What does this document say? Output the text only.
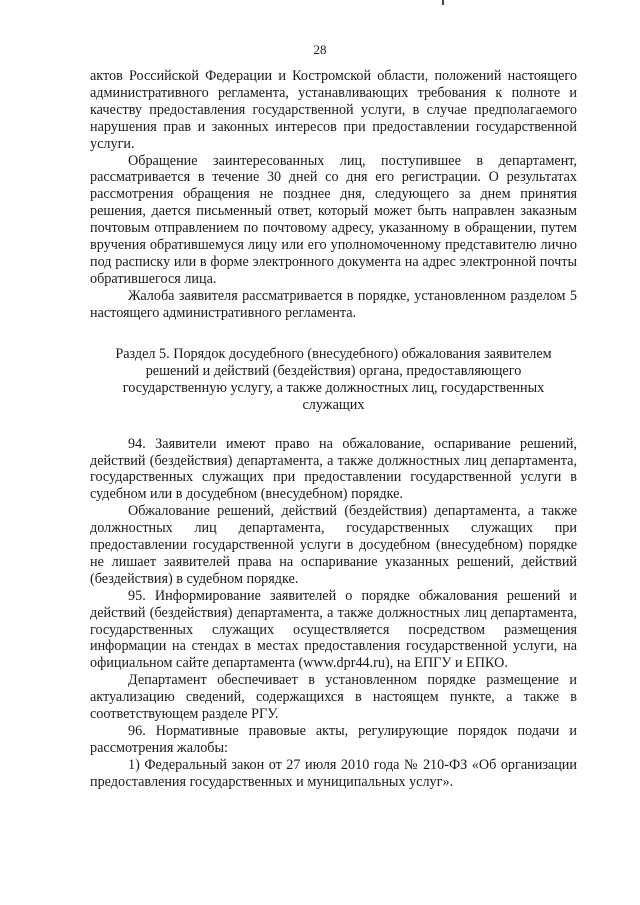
28

актов Российской Федерации и Костромской области, положений настоящего административного регламента, устанавливающих требования к полноте и качеству предоставления государственной услуги, в случае предполагаемого нарушения прав и законных интересов при предоставлении государственной услуги.

Обращение заинтересованных лиц, поступившее в департамент, рассматривается в течение 30 дней со дня его регистрации. О результатах рассмотрения обращения не позднее дня, следующего за днем принятия решения, дается письменный ответ, который может быть направлен заказным почтовым отправлением по почтовому адресу, указанному в обращении, путем вручения обратившемуся лицу или его уполномоченному представителю лично под расписку или в форме электронного документа на адрес электронной почты обратившегося лица.

Жалоба заявителя рассматривается в порядке, установленном разделом 5 настоящего административного регламента.

Раздел 5. Порядок досудебного (внесудебного) обжалования заявителем решений и действий (бездействия) органа, предоставляющего государственную услугу, а также должностных лиц, государственных служащих

94. Заявители имеют право на обжалование, оспаривание решений, действий (бездействия) департамента, а также должностных лиц департамента, государственных служащих при предоставлении государственной услуги в судебном или в досудебном (внесудебном) порядке.

Обжалование решений, действий (бездействия) департамента, а также должностных лиц департамента, государственных служащих при предоставлении государственной услуги в досудебном (внесудебном) порядке не лишает заявителей права на оспаривание указанных решений, действий (бездействия) в судебном порядке.

95. Информирование заявителей о порядке обжалования решений и действий (бездействия) департамента, а также должностных лиц департамента, государственных служащих осуществляется посредством размещения информации на стендах в местах предоставления государственной услуги, на официальном сайте департамента (www.dpr44.ru), на ЕПГУ и ЕПКО.

Департамент обеспечивает в установленном порядке размещение и актуализацию сведений, содержащихся в настоящем пункте, а также в соответствующем разделе РГУ.

96. Нормативные правовые акты, регулирующие порядок подачи и рассмотрения жалобы:

1) Федеральный закон от 27 июля 2010 года № 210-ФЗ «Об организации предоставления государственных и муниципальных услуг».
